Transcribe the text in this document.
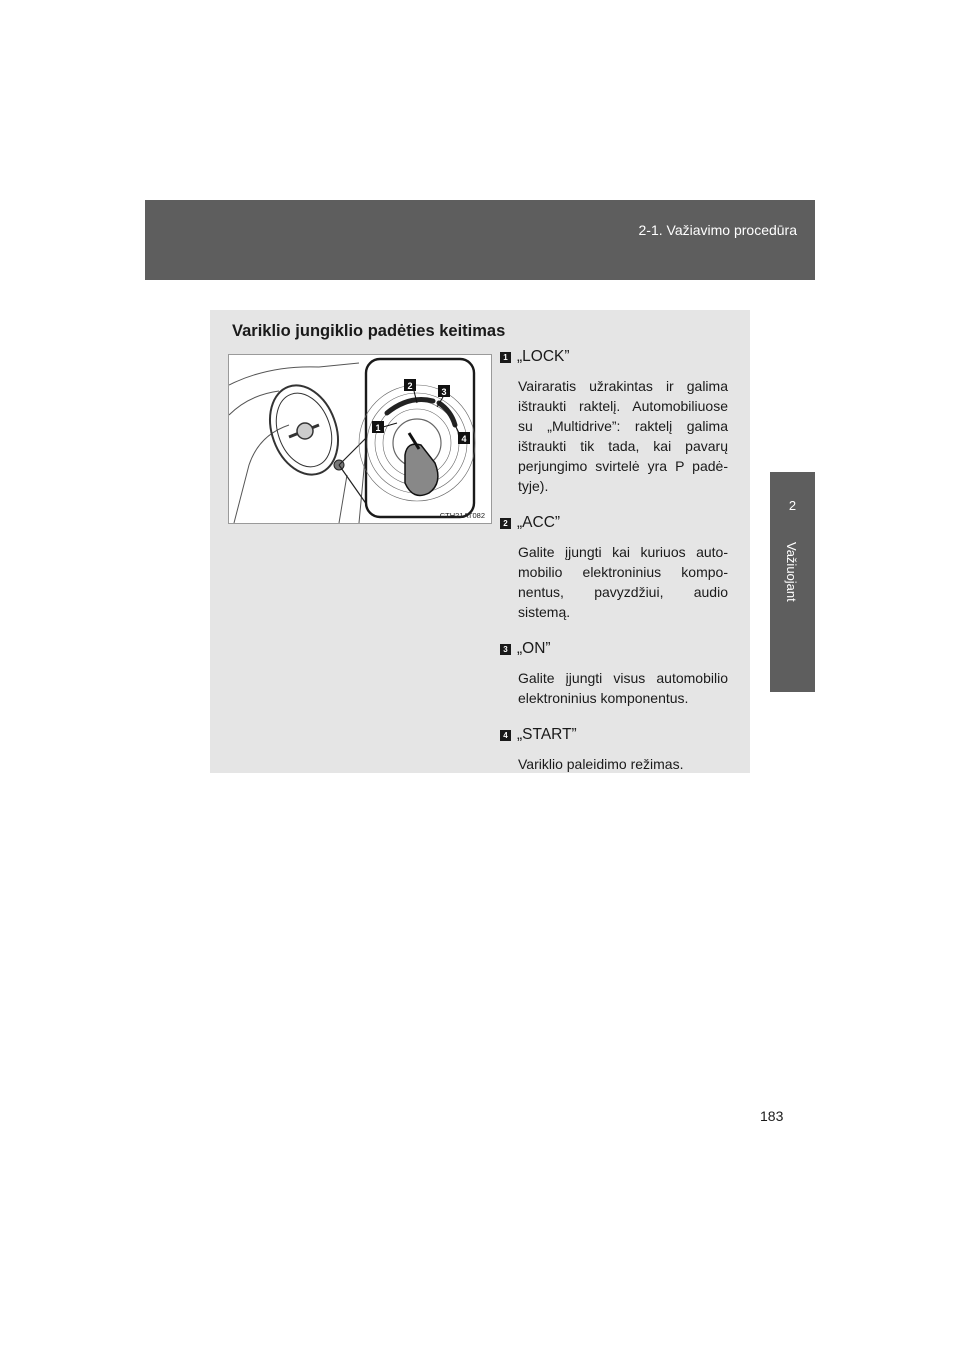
2-1. Važiavimo procedūra
2
Važiuojant
Variklio jungiklio padėties keitimas
1
2
3
4
CTH21AT082
1 „LOCK”
Vairaratis užrakintas ir galima ištraukti raktelį. Automobiliuose su „Multidrive”: raktelį galima ištraukti tik tada, kai pavarų perjungimo svirtelė yra P padė-tyje).
2 „ACC”
Galite įjungti kai kuriuos auto-mobilio elektroninius kompo-nentus, pavyzdžiui, audio sistemą.
3 „ON”
Galite įjungti visus automobilio elektroninius komponentus.
4 „START”
Variklio paleidimo režimas.
183
